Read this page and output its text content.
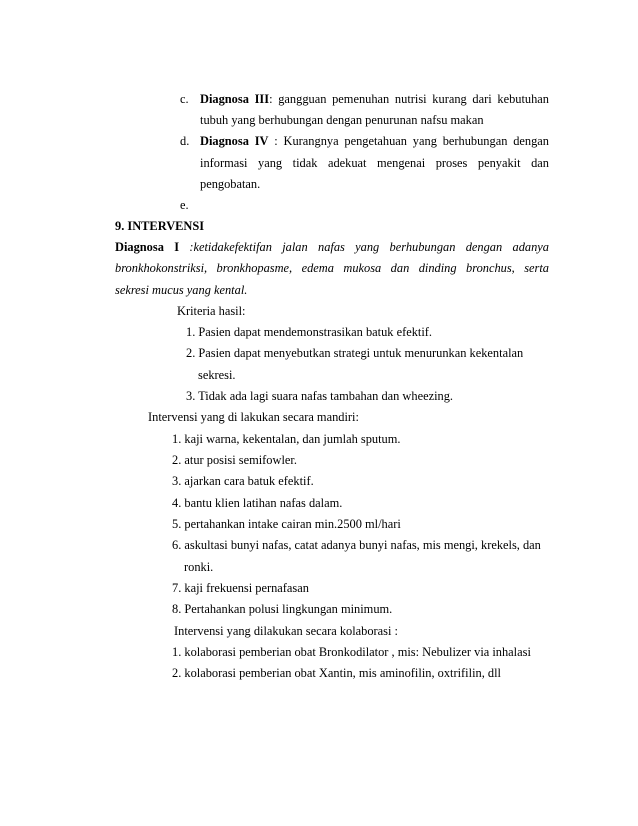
c. Diagnosa III: gangguan pemenuhan nutrisi kurang dari kebutuhan
tubuh yang berhubungan dengan penurunan nafsu makan
d. Diagnosa IV : Kurangnya pengetahuan yang berhubungan dengan
informasi yang tidak adekuat mengenai proses penyakit dan
pengobatan.
e.
9. INTERVENSI
Diagnosa I :ketidakefektifan jalan nafas yang berhubungan dengan adanya
bronkhokonstriksi, bronkhopasme, edema mukosa dan dinding bronchus, serta
sekresi mucus yang kental.
Kriteria hasil:
1. Pasien dapat mendemonstrasikan batuk efektif.
2. Pasien dapat menyebutkan strategi untuk menurunkan kekentalan
sekresi.
3. Tidak ada lagi suara nafas tambahan dan wheezing.
Intervensi yang di lakukan secara mandiri:
1. kaji warna, kekentalan, dan jumlah sputum.
2. atur posisi semifowler.
3. ajarkan cara batuk efektif.
4. bantu klien latihan nafas dalam.
5. pertahankan intake cairan min.2500 ml/hari
6. askultasi bunyi nafas, catat adanya bunyi nafas, mis mengi, krekels, dan
ronki.
7. kaji frekuensi pernafasan
8. Pertahankan polusi lingkungan minimum.
Intervensi yang dilakukan secara kolaborasi :
1. kolaborasi pemberian obat Bronkodilator , mis: Nebulizer via inhalasi
2. kolaborasi pemberian obat Xantin, mis aminofilin, oxtrifilin, dll
